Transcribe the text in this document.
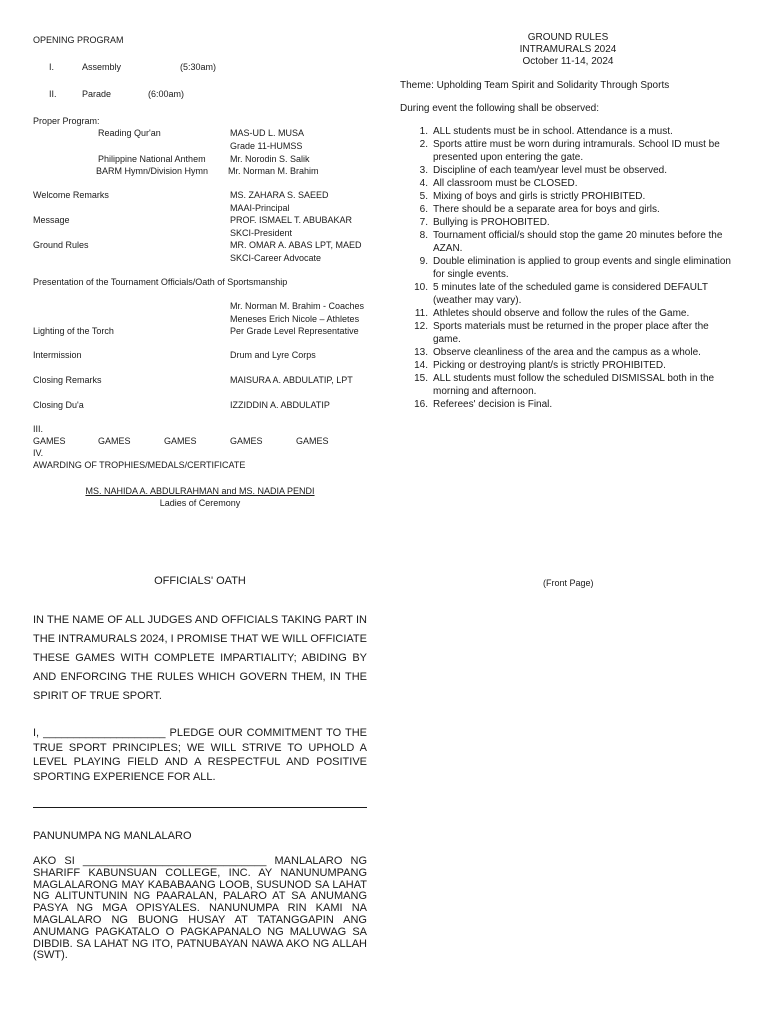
OPENING PROGRAM
I.	Assembly	(5:30am)
II.	Parade	(6:00am)
Proper Program:
Reading Qur'an	MAS-UD L. MUSA
Grade 11-HUMSS
Philippine National Anthem	Mr. Norodin S. Salik
BARM Hymn/Division Hymn Mr. Norman M. Brahim
Welcome Remarks	MS. ZAHARA S. SAEED
MAAI-Principal
Message	PROF. ISMAEL T. ABUBAKAR
SKCI-President
Ground Rules	MR. OMAR A. ABAS LPT, MAED
SKCI-Career Advocate
Presentation of the Tournament Officials/Oath of Sportsmanship
Mr. Norman M. Brahim - Coaches
Meneses Erich Nicole – Athletes
Lighting of the Torch	Per Grade Level Representative
Intermission	Drum and Lyre Corps
Closing Remarks	MAISURA A. ABDULATIP, LPT
Closing Du'a	IZZIDDIN A. ABDULATIP
III.
GAMES	GAMES	GAMES	GAMES	GAMES
IV.
AWARDING OF TROPHIES/MEDALS/CERTIFICATE
MS. NAHIDA A. ABDULRAHMAN and MS. NADIA PENDI
Ladies of Ceremony
GROUND RULES
INTRAMURALS 2024
October 11-14, 2024
Theme: Upholding Team Spirit and Solidarity Through Sports
During event the following shall be observed:
1. ALL students must be in school. Attendance is a must.
2. Sports attire must be worn during intramurals. School ID must be presented upon entering the gate.
3. Discipline of each team/year level must be observed.
4. All classroom must be CLOSED.
5. Mixing of boys and girls is strictly PROHIBITED.
6. There should be a separate area for boys and girls.
7. Bullying is PROHOBITED.
8. Tournament official/s should stop the game 20 minutes before the AZAN.
9. Double elimination is applied to group events and single elimination for single events.
10. 5 minutes late of the scheduled game is considered DEFAULT (weather may vary).
11. Athletes should observe and follow the rules of the Game.
12. Sports materials must be returned in the proper place after the game.
13. Observe cleanliness of the area and the campus as a whole.
14. Picking or destroying plant/s is strictly PROHIBITED.
15. ALL students must follow the scheduled DISMISSAL both in the morning and afternoon.
16. Referees' decision is Final.
OFFICIALS' OATH	(Front Page)
IN THE NAME OF ALL JUDGES AND OFFICIALS TAKING PART IN THE INTRAMURALS 2024, I PROMISE THAT WE WILL OFFICIATE THESE GAMES WITH COMPLETE IMPARTIALITY; ABIDING BY AND ENFORCING THE RULES WHICH GOVERN THEM, IN THE SPIRIT OF TRUE SPORT.
I, ____________________ PLEDGE OUR COMMITMENT TO THE TRUE SPORT PRINCIPLES; WE WILL STRIVE TO UPHOLD A LEVEL PLAYING FIELD AND A RESPECTFUL AND POSITIVE SPORTING EXPERIENCE FOR ALL.
PANUNUMPA NG MANLALARO
AKO SI ______________________________ MANLALARO NG SHARIFF KABUNSUAN COLLEGE, INC. AY NANUNUMPANG MAGLALARONG MAY KABABAANG LOOB, SUSUNOD SA LAHAT NG ALITUNTUNIN NG PAARALAN, PALARO AT SA ANUMANG PASYA NG MGA OPISYALES. NANUNUMPA RIN KAMI NA MAGLALARO NG BUONG HUSAY AT TATANGGAPIN ANG ANUMANG PAGKATALO O PAGKAPANALO NG MALUWAG SA DIBDIB. SA LAHAT NG ITO, PATNUBAYAN NAWA AKO NG ALLAH (SWT).
